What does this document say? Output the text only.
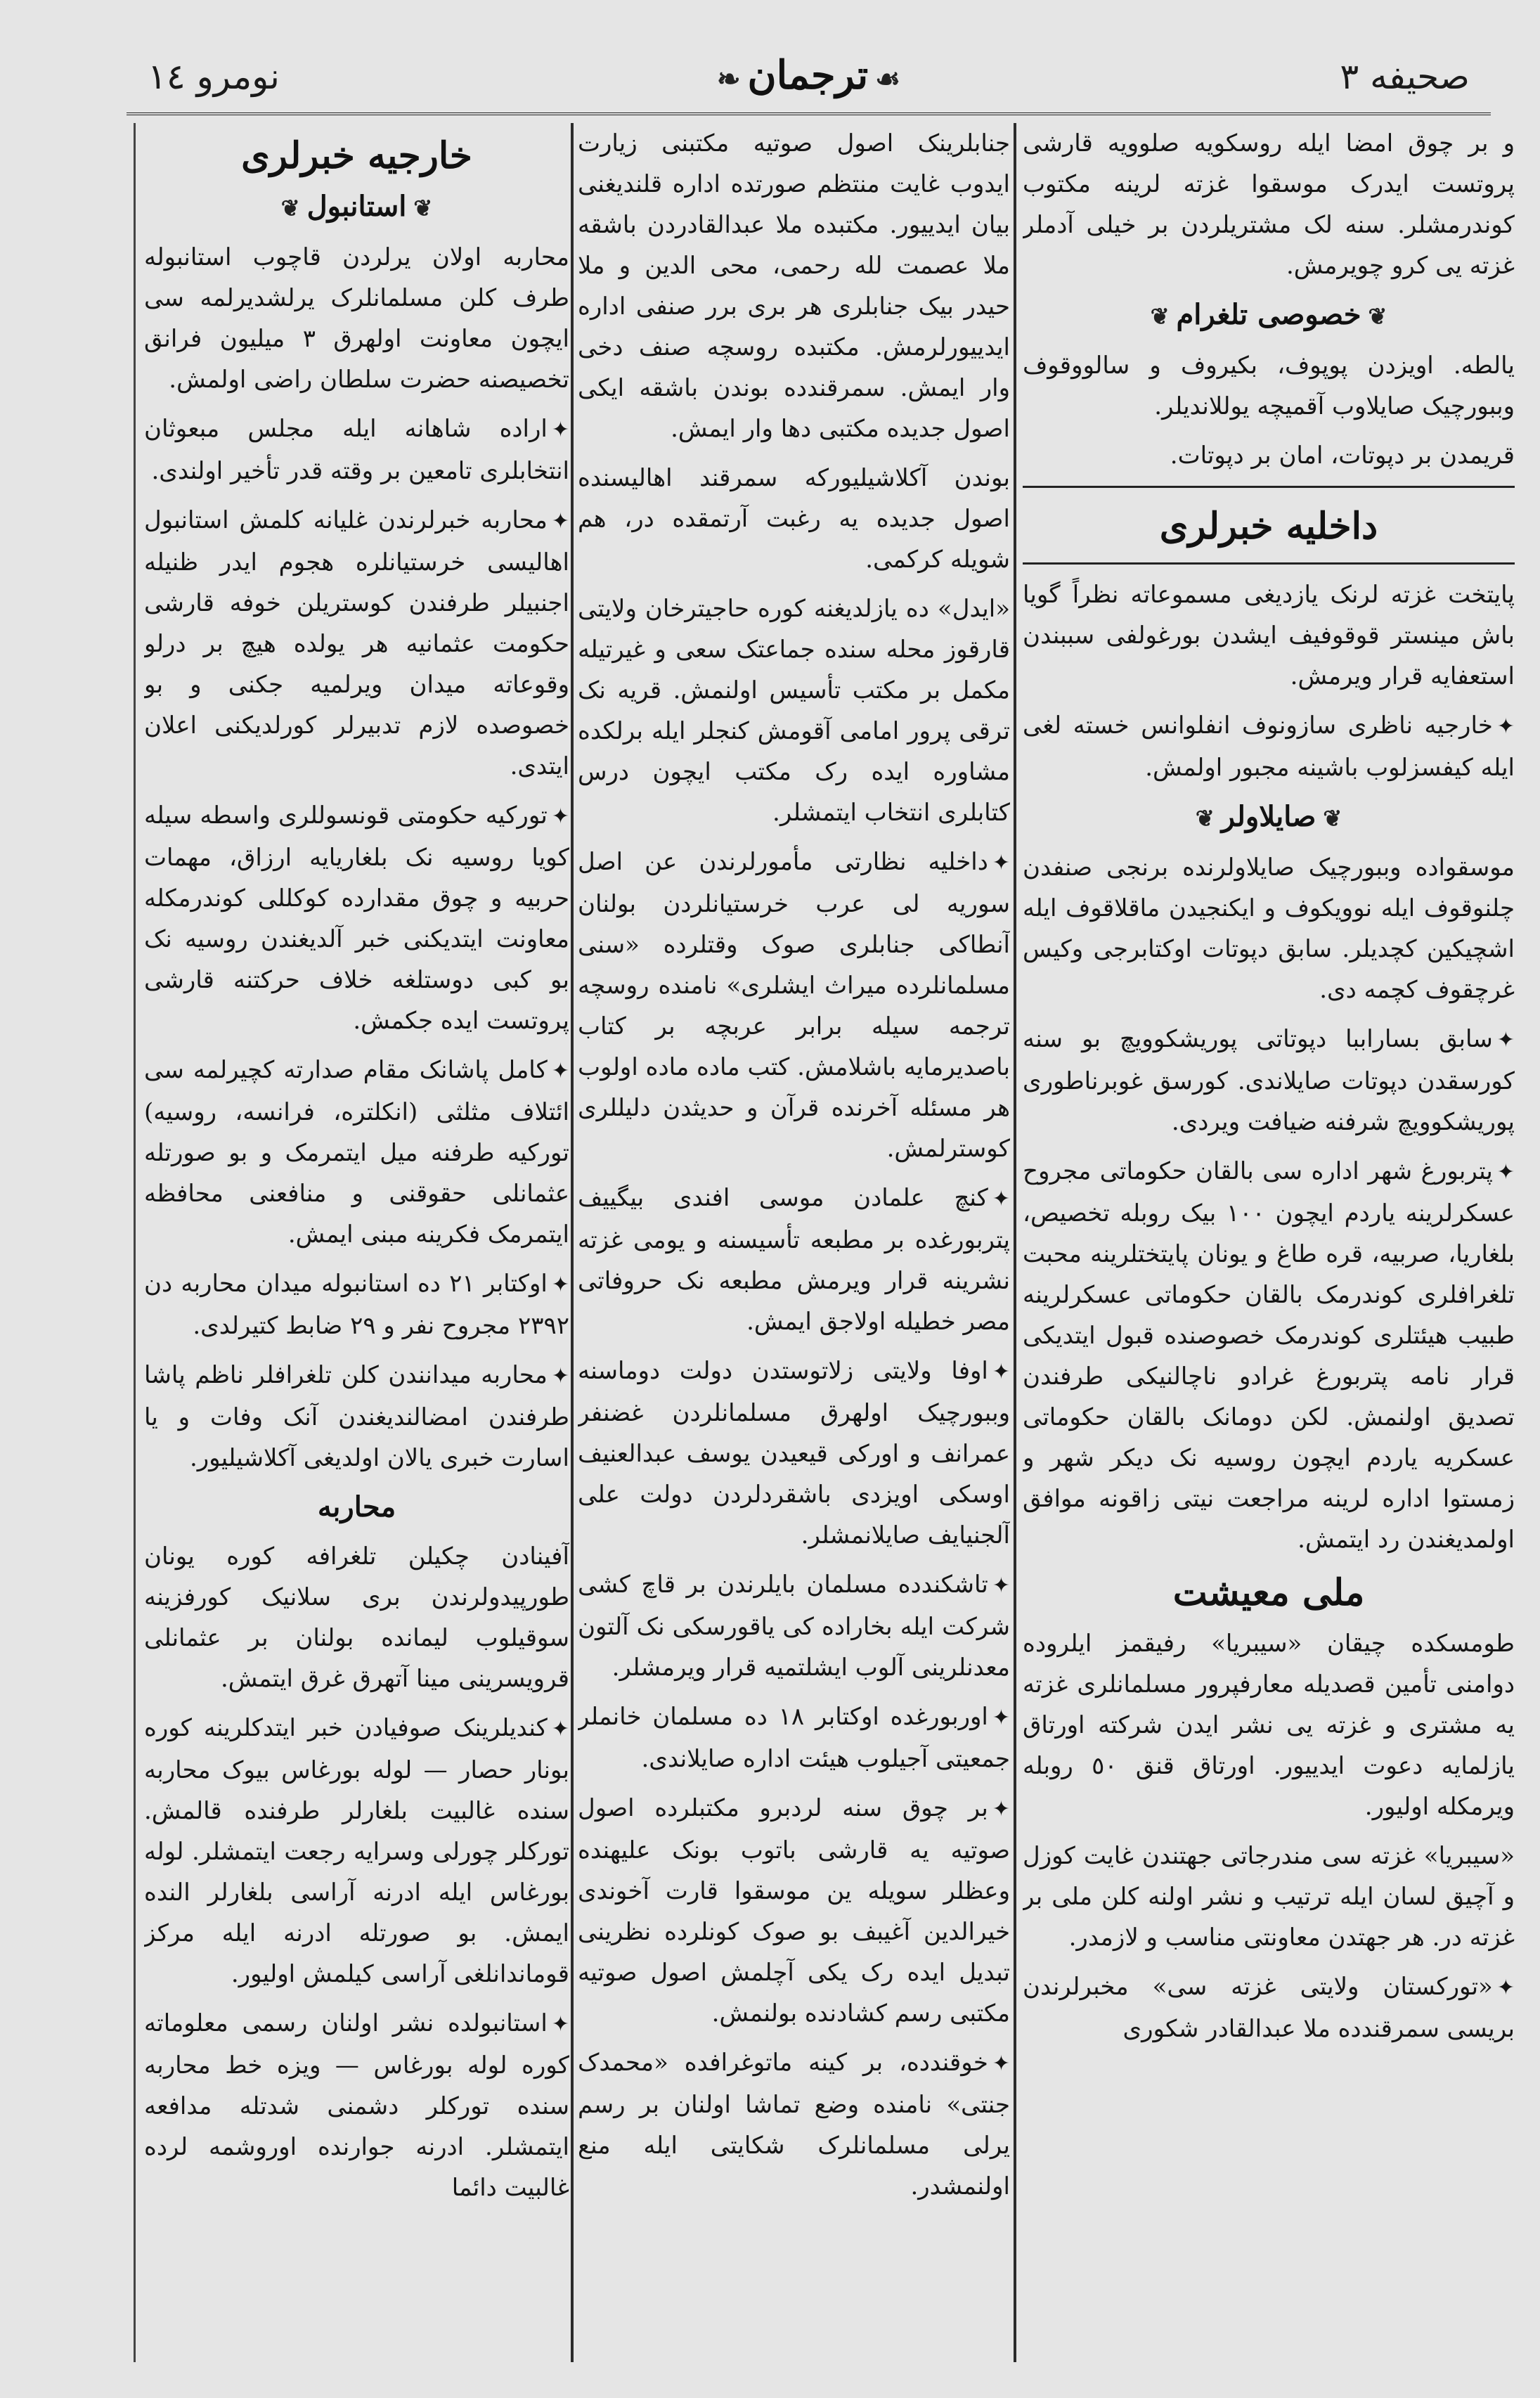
نومرو ١٤	❧ ترجمان ☙	صحیفه ٣

و بر چوق امضا ایله روسکویه صلوویه قارشی پروتست ایدرک موسقوا غزته لرینه مکتوب کوندرمشلر. سنه لک مشتریلردن بر خیلی آدملر غزته یی کرو چویرمش.

❦خصوصی تلغرام❦

یالطه. اویزدن پوپوف، بکیروف و سالووقوف وببورچیک صایلاوب آقمیچه یوللاندیلر.

قریمدن بر دپوتات، امان بر دپوتات.

داخلیه خبرلری

پایتخت غزته لرنک یازدیغی مسموعاته نظراً گویا باش مینستر قوقوفیف ایشدن بورغولفی سببندن استعفایه قرار ویرمش.

✦خارجیه ناظری سازونوف انفلوانس خسته لغی ایله کیفسزلوب باشینه مجبور اولمش.

❦صایلاولر❦

موسقواده وببورچیک صایلاولرنده برنجی صنفدن چلنوقوف ایله نوویکوف و ایکنجیدن ماقلاقوف ایله اشچیکین کچدیلر. سابق دپوتات اوکتابرجی وکیس غرچقوف کچمه دی.

✦سابق بساراببا دپوتاتی پوریشکوویچ بو سنه کورسقدن دپوتات صایلاندی. کورسق غوبرناطوری پوریشکوویچ شرفنه ضیافت ویردی.

✦پتربورغ شهر اداره سی بالقان حکوماتی مجروح عسکرلرینه یاردم ایچون ١٠٠ بیک روبله تخصیص، بلغاریا، صربیه، قره طاغ و یونان پایتختلرینه محبت تلغرافلری کوندرمک بالقان حکوماتی عسکرلرینه طبیب هیئتلری کوندرمک خصوصنده قبول ایتدیکی قرار نامه پتربورغ غرادو ناچالنیکی طرفندن تصدیق اولنمش. لکن دومانک بالقان حکوماتی عسکریه یاردم ایچون روسیه نک دیکر شهر و زمستوا اداره لرینه مراجعت نیتی زاقونه موافق اولمدیغندن رد ایتمش.

ملی معیشت

طومسکده چیقان «سیبریا» رفیقمز ایلروده دوامنی تأمین قصدیله معارفپرور مسلمانلری غزته یه مشتری و غزته یی نشر ایدن شرکته اورتاق یازلمایه دعوت ایدییور. اورتاق قنق ٥٠ روبله ویرمکله اولیور.

«سیبریا» غزته سی مندرجاتی جهتندن غایت کوزل و آچیق لسان ایله ترتیب و نشر اولنه کلن ملی بر غزته در. هر جهتدن معاونتی مناسب و لازمدر.

✦«توركستان ولایتی غزته سی» مخبرلرندن بریسی سمرقندده ملا عبدالقادر شکوری

جنابلرینک اصول صوتیه مکتبنی زیارت ایدوب غایت منتظم صورتده اداره قلندیغنی بیان ایدییور. مکتبده ملا عبدالقادردن باشقه ملا عصمت لله رحمی، محی الدین و ملا حیدر بیک جنابلری هر بری برر صنفی اداره ایدییورلرمش. مکتبده روسچه صنف دخی وار ایمش. سمرقندده بوندن باشقه ایکی اصول جدیده مکتبی دها وار ایمش.

بوندن آکلاشیلیورکه سمرقند اهالیسنده اصول جدیده یه رغبت آرتمقده در، هم شویله کرکمی.

«ایدل» ده یازلدیغنه کوره حاجیترخان ولایتی قارقوز محله سنده جماعتک سعی و غیرتیله مکمل بر مکتب تأسیس اولنمش. قریه نک ترقی پرور امامی آقومش کنجلر ایله برلکده مشاوره ایده رک مکتب ایچون درس کتابلری انتخاب ایتمشلر.

✦داخلیه نظارتی مأمورلرندن عن اصل سوریه لی عرب خرستیانلردن بولنان آنطاکی جنابلری صوک وقتلرده «سنی مسلمانلرده میراث ایشلری» نامنده روسچه ترجمه سیله برابر عربچه بر کتاب باصدیرمایه باشلامش. کتب ماده ماده اولوب هر مسئله آخرنده قرآن و حدیثدن دلیللری کوسترلمش.

✦کنچ علمادن موسی افندی بیگییف پتربورغده بر مطبعه تأسیسنه و یومی غزته نشرینه قرار ویرمش مطبعه نک حروفاتی مصر خطیله اولاجق ایمش.

✦اوفا ولایتی زلاتوستدن دولت دوماسنه وببورچیک اولهرق مسلمانلردن غضنفر عمرانف و اورکی قیعیدن یوسف عبدالعنیف اوسکی اویزدی باشقردلردن دولت علی آلجنیایف صایلانمشلر.

✦تاشکندده مسلمان بایلرندن بر قاچ کشی شرکت ایله بخاراده کی یاقورسکی نک آلتون معدنلرینی آلوب ایشلتمیه قرار ویرمشلر.

✦اوربورغده اوکتابر ١٨ ده مسلمان خانملر جمعیتی آجیلوب هیئت اداره صایلاندی.

✦بر چوق سنه لردبرو مکتبلرده اصول صوتیه یه قارشی باتوب بونک علیهنده وعظلر سویله ین موسقوا قارت آخوندی خیرالدین آغیبف بو صوک کونلرده نظرینی تبدیل ایده رک یکی آچلمش اصول صوتیه مکتبی رسم کشادنده بولنمش.

✦خوقندده، بر کینه ماتوغرافده «محمدک جنتی» نامنده وضع تماشا اولنان بر رسم یرلی مسلمانلرک شکایتی ایله منع اولنمشدر.

خارجیه خبرلری
❦استانبول❦

محاربه اولان یرلردن قاچوب استانبوله طرف کلن مسلمانلرک یرلشدیرلمه سی ایچون معاونت اولهرق ٣ میلیون فرانق تخصیصنه حضرت سلطان راضی اولمش.

✦اراده شاهانه ایله مجلس مبعوثان انتخابلری تامعین بر وقته قدر تأخیر اولندی.

✦محاربه خبرلرندن غلیانه کلمش استانبول اهالیسی خرستیانلره هجوم ایدر ظنیله اجنبیلر طرفندن کوستریلن خوفه قارشی حکومت عثمانیه هر یولده هیچ بر درلو وقوعاته میدان ویرلمیه جکنی و بو خصوصده لازم تدبیرلر کورلدیکنی اعلان ایتدی.

✦توركیه حکومتی قونسوللری واسطه سیله کویا روسیه نک بلغاریایه ارزاق، مهمات حربیه و چوق مقدارده کوکللی کوندرمکله معاونت ایتدیکنی خبر آلدیغندن روسیه نک بو کبی دوستلغه خلاف حرکتنه قارشی پروتست ایده جکمش.

✦کامل پاشانک مقام صدارته کچیرلمه سی ائتلاف مثلثی (انکلتره، فرانسه، روسیه) توركیه طرفنه میل ایتمرمک و بو صورتله عثمانلی حقوقنی و منافعنی محافظه ایتمرمک فکرینه مبنی ایمش.

✦اوکتابر ٢١ ده استانبوله میدان محاربه دن ٢٣٩٢ مجروح نفر و ٢٩ ضابط کتیرلدی.

✦محاربه میدانندن کلن تلغرافلر ناظم پاشا طرفندن امضالندیغندن آنک وفات و یا اسارت خبری یالان اولدیغی آکلاشیلیور.

محاربه

آفینادن چکیلن تلغرافه کوره یونان طورپیدولرندن بری سلانیک کورفزینه سوقیلوب لیمانده بولنان بر عثمانلی قرویسرینی مینا آتهرق غرق ایتمش.

✦کندیلرینک صوفیادن خبر ایتدکلرینه کوره بونار حصار — لوله بورغاس بیوک محاربه سنده غالبیت بلغارلر طرفنده قالمش. تورکلر چورلی وسرایه رجعت ایتمشلر. لوله بورغاس ایله ادرنه آراسی بلغارلر النده ایمش. بو صورتله ادرنه ایله مرکز قوماندانلغی آراسی کیلمش اولیور.

✦استانبولده نشر اولنان رسمی معلوماته کوره لوله بورغاس — ویزه خط محاربه سنده تورکلر دشمنی شدتله مدافعه ایتمشلر. ادرنه جوارنده اوروشمه لرده غالبیت دائما
